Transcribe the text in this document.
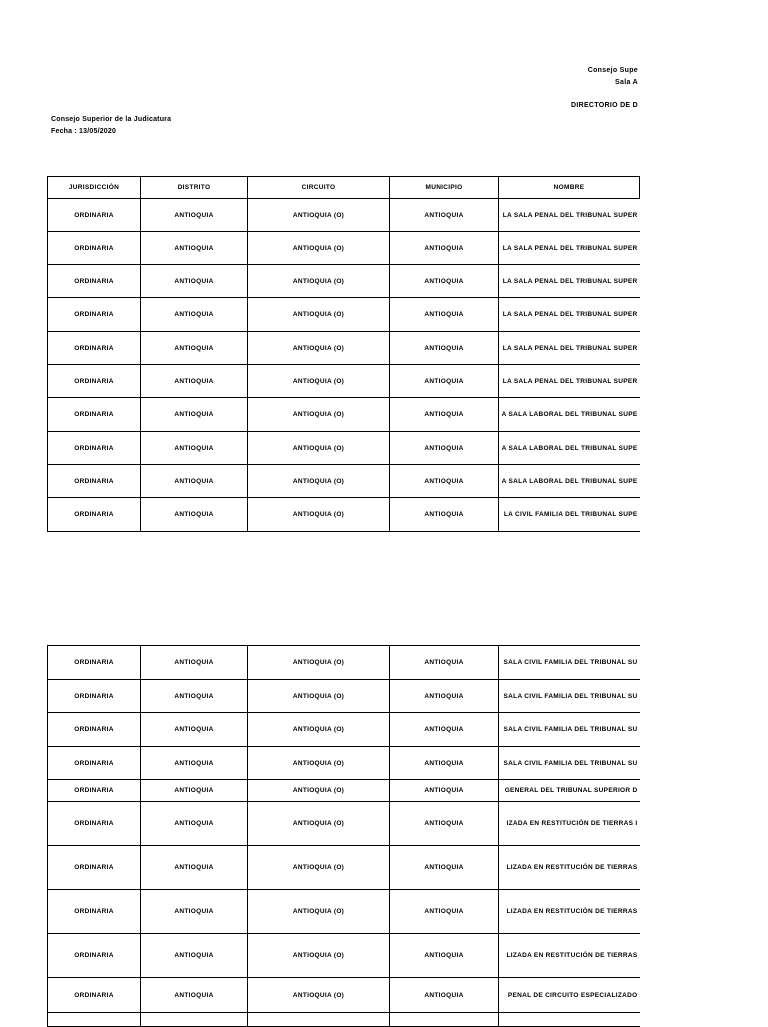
Consejo Supe
Sala A
DIRECTORIO DE D
Consejo Superior de la Judicatura
Fecha : 13/05/2020
JURISDICCIÓN	DISTRITO	CIRCUITO	MUNICIPIO	NOMBRE
ORDINARIA	ANTIOQUIA	ANTIOQUIA (O)	ANTIOQUIA	LA SALA PENAL DEL TRIBUNAL SUPER
ORDINARIA	ANTIOQUIA	ANTIOQUIA (O)	ANTIOQUIA	LA SALA PENAL DEL TRIBUNAL SUPER
ORDINARIA	ANTIOQUIA	ANTIOQUIA (O)	ANTIOQUIA	LA SALA PENAL DEL TRIBUNAL SUPER
ORDINARIA	ANTIOQUIA	ANTIOQUIA (O)	ANTIOQUIA	LA SALA PENAL DEL TRIBUNAL SUPER
ORDINARIA	ANTIOQUIA	ANTIOQUIA (O)	ANTIOQUIA	LA SALA PENAL DEL TRIBUNAL SUPER
ORDINARIA	ANTIOQUIA	ANTIOQUIA (O)	ANTIOQUIA	LA SALA PENAL DEL TRIBUNAL SUPER
ORDINARIA	ANTIOQUIA	ANTIOQUIA (O)	ANTIOQUIA	A SALA LABORAL DEL TRIBUNAL SUPE
ORDINARIA	ANTIOQUIA	ANTIOQUIA (O)	ANTIOQUIA	A SALA LABORAL DEL TRIBUNAL SUPE
ORDINARIA	ANTIOQUIA	ANTIOQUIA (O)	ANTIOQUIA	A SALA LABORAL DEL TRIBUNAL SUPE
ORDINARIA	ANTIOQUIA	ANTIOQUIA (O)	ANTIOQUIA	LA CIVIL FAMILIA DEL TRIBUNAL SUPE
ORDINARIA	ANTIOQUIA	ANTIOQUIA (O)	ANTIOQUIA	SALA CIVIL FAMILIA DEL TRIBUNAL SU
ORDINARIA	ANTIOQUIA	ANTIOQUIA (O)	ANTIOQUIA	SALA CIVIL FAMILIA DEL TRIBUNAL SU
ORDINARIA	ANTIOQUIA	ANTIOQUIA (O)	ANTIOQUIA	SALA CIVIL FAMILIA DEL TRIBUNAL SU
ORDINARIA	ANTIOQUIA	ANTIOQUIA (O)	ANTIOQUIA	SALA CIVIL FAMILIA DEL TRIBUNAL SU
ORDINARIA	ANTIOQUIA	ANTIOQUIA (O)	ANTIOQUIA	GENERAL DEL TRIBUNAL SUPERIOR D
ORDINARIA	ANTIOQUIA	ANTIOQUIA (O)	ANTIOQUIA	IZADA EN RESTITUCIÓN DE TIERRAS I
ORDINARIA	ANTIOQUIA	ANTIOQUIA (O)	ANTIOQUIA	LIZADA EN RESTITUCIÓN DE TIERRAS
ORDINARIA	ANTIOQUIA	ANTIOQUIA (O)	ANTIOQUIA	LIZADA EN RESTITUCIÓN DE TIERRAS
ORDINARIA	ANTIOQUIA	ANTIOQUIA (O)	ANTIOQUIA	LIZADA EN RESTITUCIÓN DE TIERRAS
ORDINARIA	ANTIOQUIA	ANTIOQUIA (O)	ANTIOQUIA	PENAL DE CIRCUITO ESPECIALIZADO
